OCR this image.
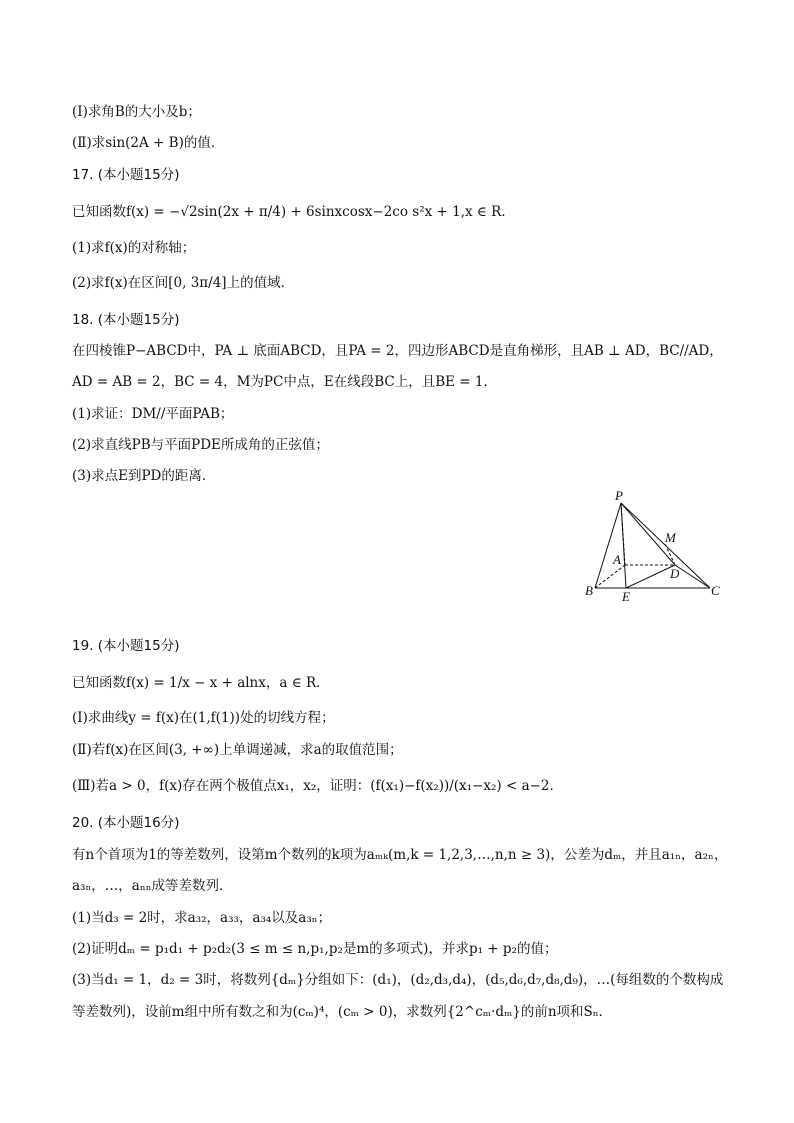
(Ⅰ)求角B的大小及b；
(Ⅱ)求sin(2A + B)的值．
17. (本小题15分)
已知函数f(x) = −√2sin(2x + π/4) + 6sinxcosx−2co s²x + 1,x ∈ R．
(1)求f(x)的对称轴；
(2)求f(x)在区间[0, 3π/4]上的值域．
18. (本小题15分)
在四棱锥P−ABCD中，PA ⊥ 底面ABCD，且PA = 2，四边形ABCD是直角梯形，且AB ⊥ AD，BC//AD，
AD = AB = 2，BC = 4，M为PC中点，E在线段BC上，且BE = 1．
(1)求证：DM//平面PAB；
(2)求直线PB与平面PDE所成角的正弦值；
(3)求点E到PD的距离．
P
M
A
D
B E	C
19. (本小题15分)
已知函数f(x) = 1/x − x + alnx，a ∈ R．
(Ⅰ)求曲线y = f(x)在(1,f(1))处的切线方程；
(Ⅱ)若f(x)在区间(3, +∞)上单调递减，求a的取值范围；
(Ⅲ)若a > 0，f(x)存在两个极值点x₁，x₂，证明：(f(x₁)−f(x₂))/(x₁−x₂) < a−2．
20. (本小题16分)
有n个首项为1的等差数列，设第m个数列的k项为aₘₖ(m,k = 1,2,3,…,n,n ≥ 3)，公差为dₘ，并且a₁ₙ，a₂ₙ，
a₃ₙ，…，aₙₙ成等差数列．
(1)当d₃ = 2时，求a₃₂，a₃₃，a₃₄以及a₃ₙ；
(2)证明dₘ = p₁d₁ + p₂d₂(3 ≤ m ≤ n,p₁,p₂是m的多项式)，并求p₁ + p₂的值；
(3)当d₁ = 1，d₂ = 3时，将数列{dₘ}分组如下：(d₁)，(d₂,d₃,d₄)，(d₅,d₆,d₇,d₈,d₉)，…(每组数的个数构成
等差数列)，设前m组中所有数之和为(cₘ)⁴，(cₘ > 0)，求数列{2^cₘ·dₘ}的前n项和Sₙ．
